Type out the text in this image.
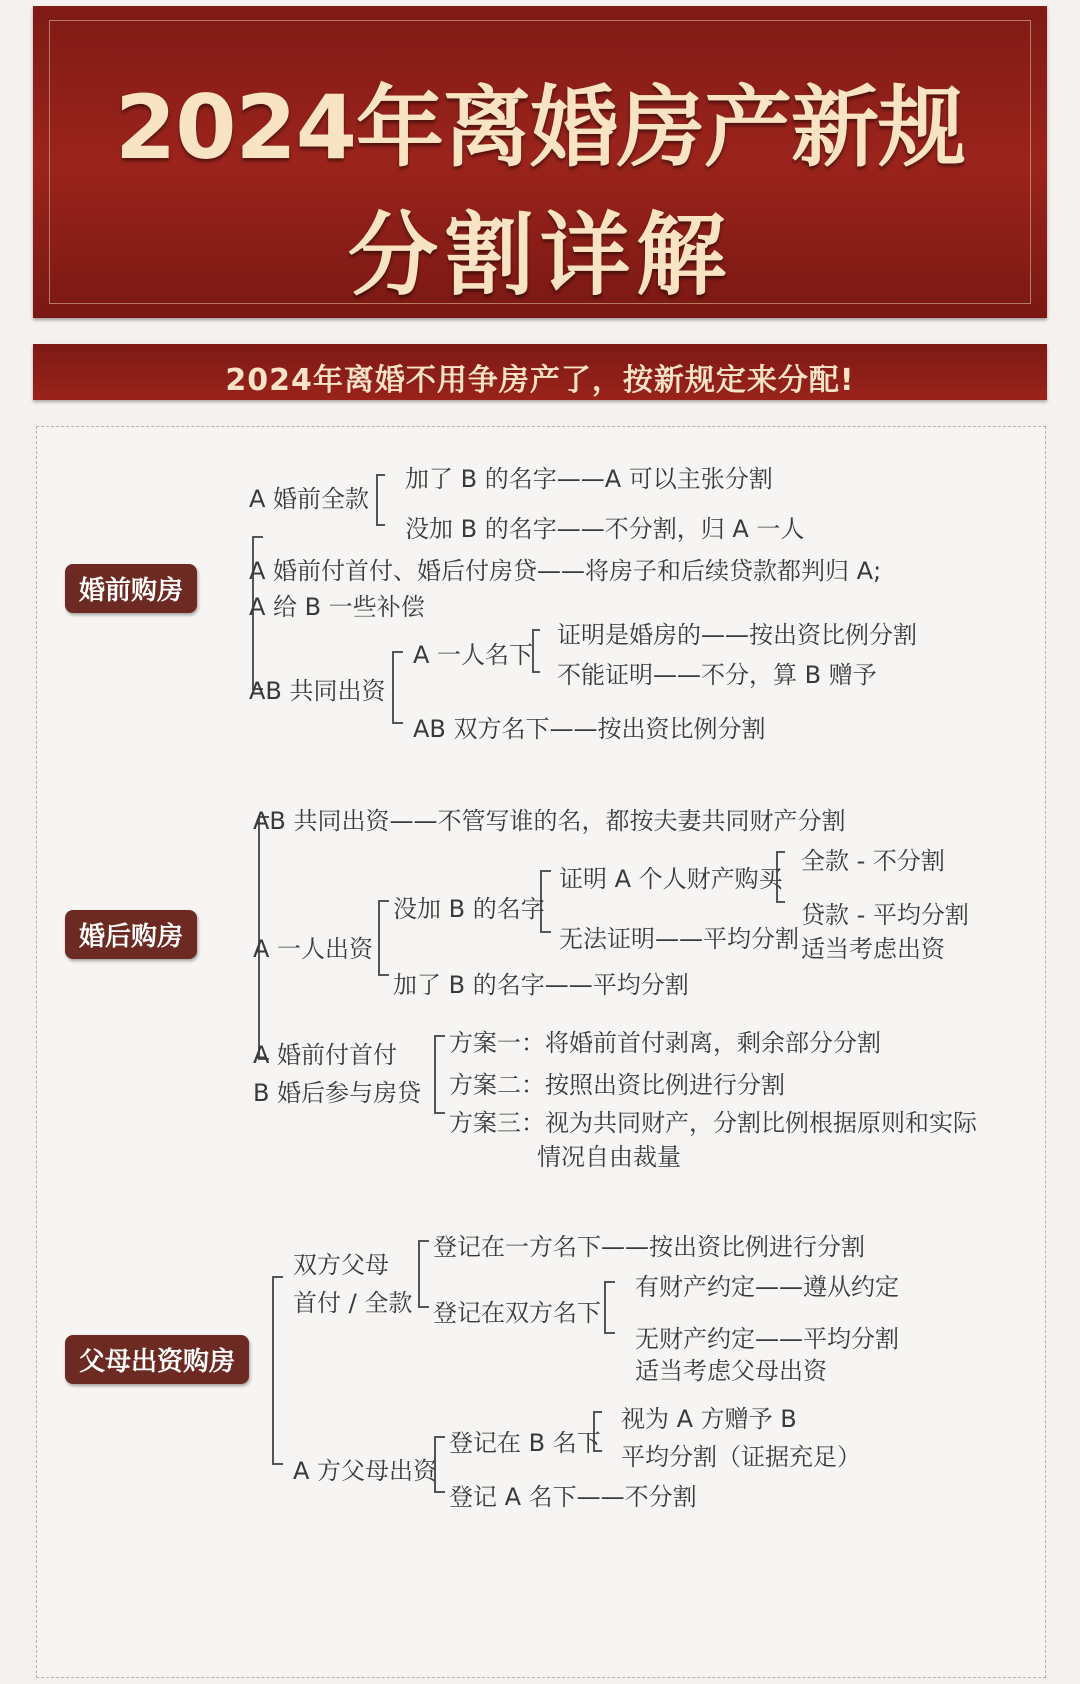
2024年离婚房产新规
分割详解
2024年离婚不用争房产了，按新规定来分配!
婚前购房
A 婚前全款
加了 B 的名字——A 可以主张分割
没加 B 的名字——不分割，归 A 一人
A 婚前付首付、婚后付房贷——将房子和后续贷款都判归 A;
A 给 B 一些补偿
AB 共同出资
A 一人名下
证明是婚房的——按出资比例分割
不能证明——不分，算 B 赠予
AB 双方名下——按出资比例分割
婚后购房
AB 共同出资——不管写谁的名，都按夫妻共同财产分割
A 一人出资
没加 B 的名字
证明 A 个人财产购买
全款 - 不分割
贷款 - 平均分割
适当考虑出资
无法证明——平均分割
加了 B 的名字——平均分割
A 婚前付首付
B 婚后参与房贷
方案一：将婚前首付剥离，剩余部分分割
方案二：按照出资比例进行分割
方案三：视为共同财产，分割比例根据原则和实际
情况自由裁量
父母出资购房
双方父母
首付 / 全款
登记在一方名下——按出资比例进行分割
登记在双方名下
有财产约定——遵从约定
无财产约定——平均分割
适当考虑父母出资
A 方父母出资
登记在 B 名下
视为 A 方赠予 B
平均分割（证据充足）
登记 A 名下——不分割
